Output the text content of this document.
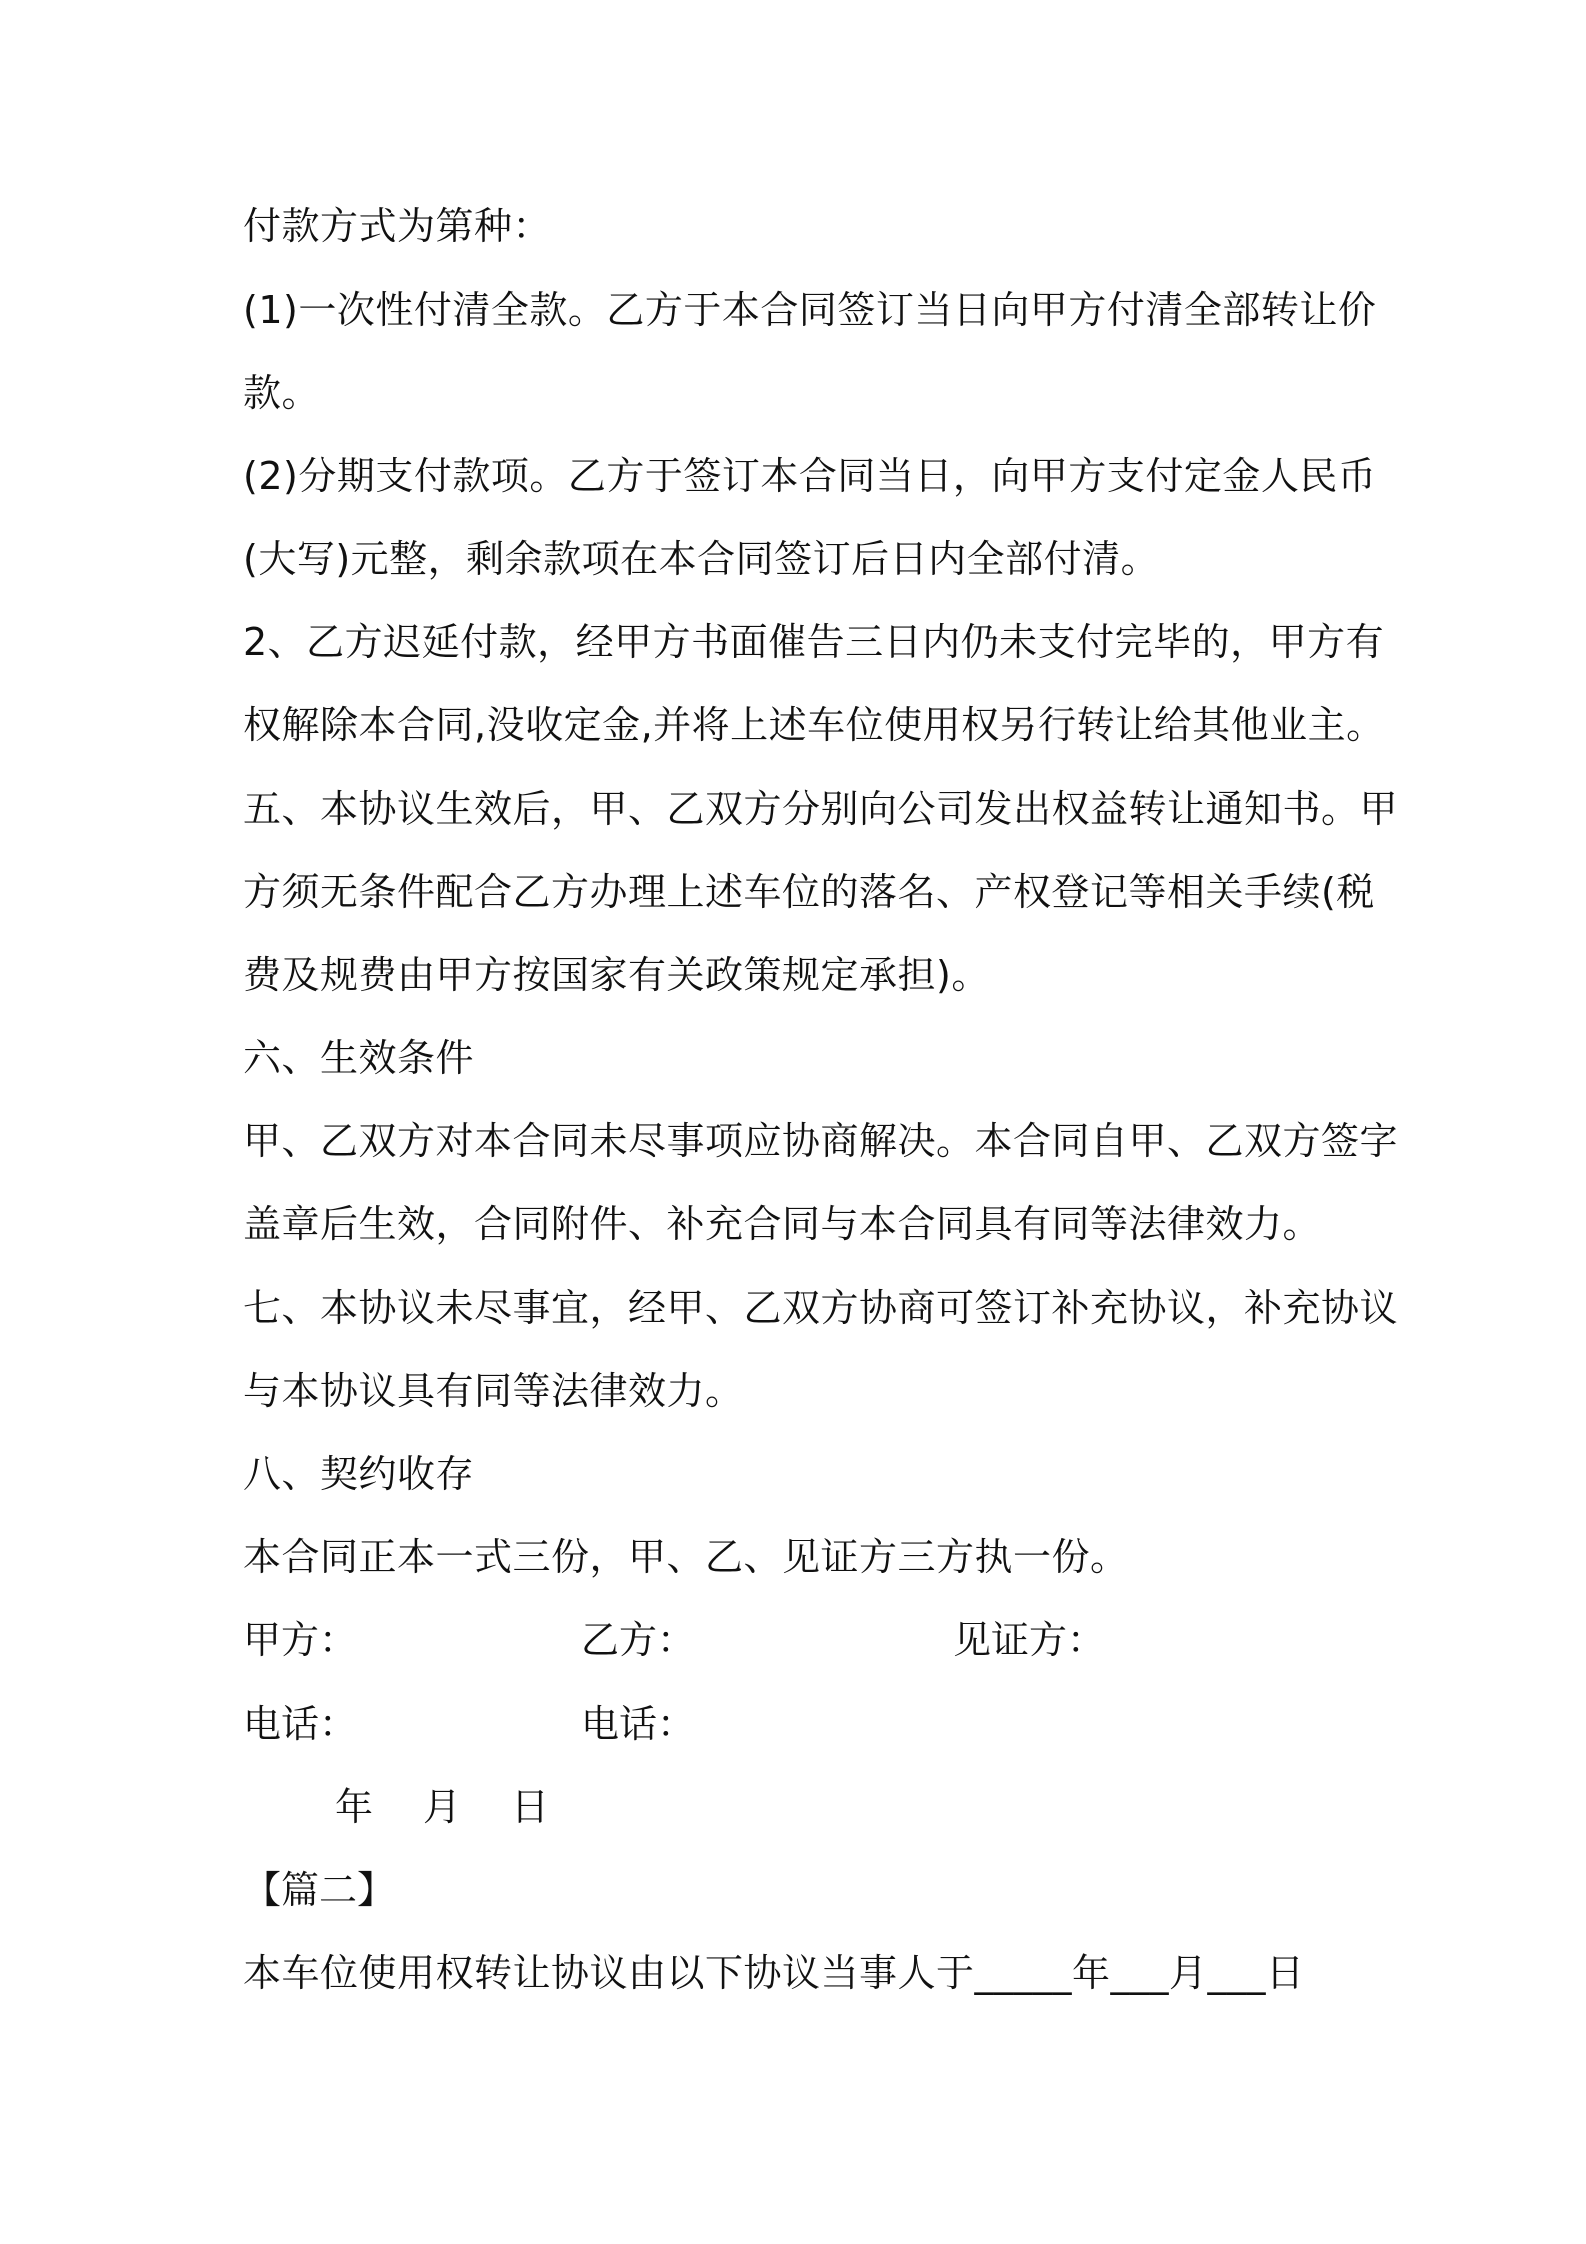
付款方式为第种：
(1)一次性付清全款。乙方于本合同签订当日向甲方付清全部转让价
款。
(2)分期支付款项。乙方于签订本合同当日，向甲方支付定金人民币
(大写)元整，剩余款项在本合同签订后日内全部付清。
2、乙方迟延付款，经甲方书面催告三日内仍未支付完毕的，甲方有
权解除本合同,没收定金,并将上述车位使用权另行转让给其他业主。
五、本协议生效后，甲、乙双方分别向公司发出权益转让通知书。甲
方须无条件配合乙方办理上述车位的落名、产权登记等相关手续(税
费及规费由甲方按国家有关政策规定承担)。
六、生效条件
甲、乙双方对本合同未尽事项应协商解决。本合同自甲、乙双方签字
盖章后生效，合同附件、补充合同与本合同具有同等法律效力。
七、本协议未尽事宜，经甲、乙双方协商可签订补充协议，补充协议
与本协议具有同等法律效力。
八、契约收存
本合同正本一式三份，甲、乙、见证方三方执一份。
甲方：	乙方：	见证方：
电话：	电话：
年　月　日
【篇二】
本车位使用权转让协议由以下协议当事人于_____年___月___日
